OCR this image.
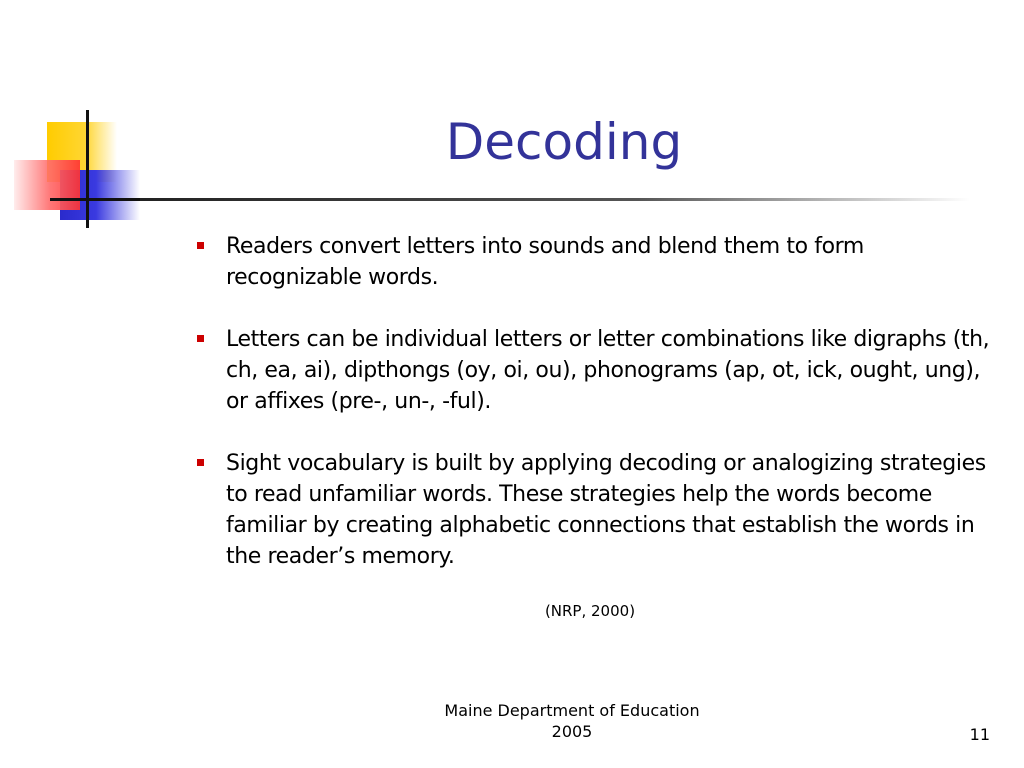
Decoding
Readers convert letters into sounds and blend them to form recognizable words.
Letters can be individual letters or letter combinations like digraphs (th, ch, ea, ai), dipthongs (oy, oi, ou), phonograms (ap, ot, ick, ought, ung), or affixes (pre-, un-, -ful).
Sight vocabulary is built by applying decoding or analogizing strategies to read unfamiliar words. These strategies help the words become familiar by creating alphabetic connections that establish the words in the reader’s memory.
(NRP, 2000)
Maine Department of Education
2005	11
